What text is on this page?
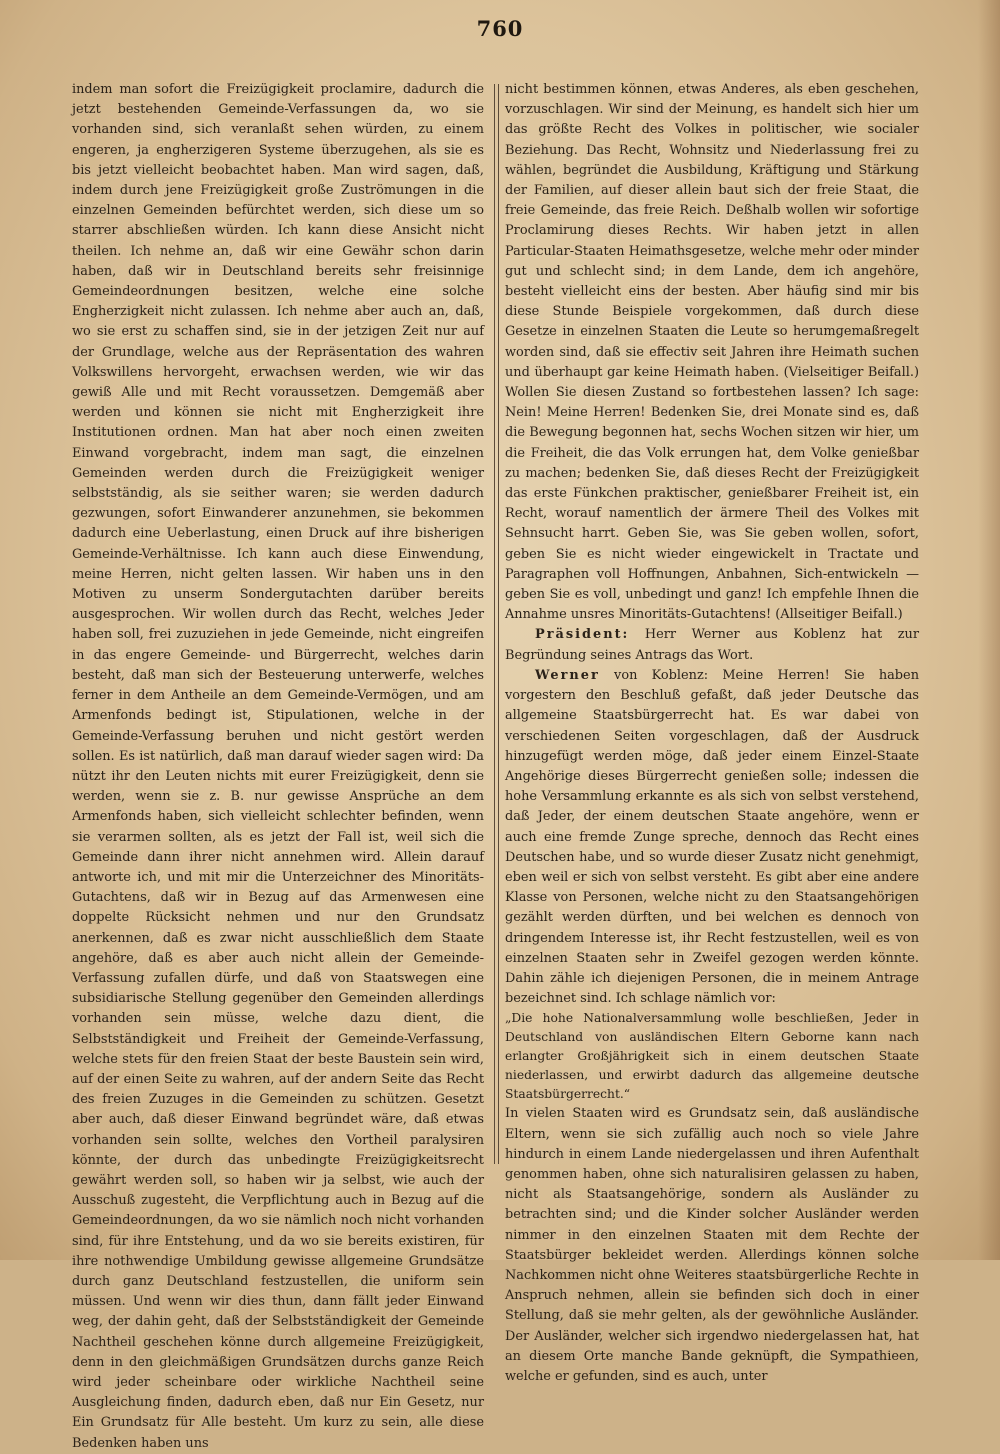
760

indem man sofort die Freizügigkeit proclamire, dadurch die jetzt bestehenden Gemeinde-Verfassungen da, wo sie vorhanden sind, sich veranlaßt sehen würden, zu einem engeren, ja engherzigeren Systeme überzugehen, als sie es bis jetzt vielleicht beobachtet haben. Man wird sagen, daß, indem durch jene Freizügigkeit große Zuströmungen in die einzelnen Gemeinden befürchtet werden, sich diese um so starrer abschließen würden. Ich kann diese Ansicht nicht theilen. Ich nehme an, daß wir eine Gewähr schon darin haben, daß wir in Deutschland bereits sehr freisinnige Gemeindeordnungen besitzen, welche eine solche Engherzigkeit nicht zulassen. Ich nehme aber auch an, daß, wo sie erst zu schaffen sind, sie in der jetzigen Zeit nur auf der Grundlage, welche aus der Repräsentation des wahren Volkswillens hervorgeht, erwachsen werden, wie wir das gewiß Alle und mit Recht voraussetzen. Demgemäß aber werden und können sie nicht mit Engherzigkeit ihre Institutionen ordnen. Man hat aber noch einen zweiten Einwand vorgebracht, indem man sagt, die einzelnen Gemeinden werden durch die Freizügigkeit weniger selbstständig, als sie seither waren; sie werden dadurch gezwungen, sofort Einwanderer anzunehmen, sie bekommen dadurch eine Ueberlastung, einen Druck auf ihre bisherigen Gemeinde-Verhältnisse. Ich kann auch diese Einwendung, meine Herren, nicht gelten lassen. Wir haben uns in den Motiven zu unserm Sondergutachten darüber bereits ausgesprochen. Wir wollen durch das Recht, welches Jeder haben soll, frei zuzuziehen in jede Gemeinde, nicht eingreifen in das engere Gemeinde- und Bürgerrecht, welches darin besteht, daß man sich der Besteuerung unterwerfe, welches ferner in dem Antheile an dem Gemeinde-Vermögen, und am Armenfonds bedingt ist, Stipulationen, welche in der Gemeinde-Verfassung beruhen und nicht gestört werden sollen. Es ist natürlich, daß man darauf wieder sagen wird: Da nützt ihr den Leuten nichts mit eurer Freizügigkeit, denn sie werden, wenn sie z. B. nur gewisse Ansprüche an dem Armenfonds haben, sich vielleicht schlechter befinden, wenn sie verarmen sollten, als es jetzt der Fall ist, weil sich die Gemeinde dann ihrer nicht annehmen wird. Allein darauf antworte ich, und mit mir die Unterzeichner des Minoritäts-Gutachtens, daß wir in Bezug auf das Armenwesen eine doppelte Rücksicht nehmen und nur den Grundsatz anerkennen, daß es zwar nicht ausschließlich dem Staate angehöre, daß es aber auch nicht allein der Gemeinde-Verfassung zufallen dürfe, und daß von Staatswegen eine subsidiarische Stellung gegenüber den Gemeinden allerdings vorhanden sein müsse, welche dazu dient, die Selbstständigkeit und Freiheit der Gemeinde-Verfassung, welche stets für den freien Staat der beste Baustein sein wird, auf der einen Seite zu wahren, auf der andern Seite das Recht des freien Zuzuges in die Gemeinden zu schützen. Gesetzt aber auch, daß dieser Einwand begründet wäre, daß etwas vorhanden sein sollte, welches den Vortheil paralysiren könnte, der durch das unbedingte Freizügigkeitsrecht gewährt werden soll, so haben wir ja selbst, wie auch der Ausschuß zugesteht, die Verpflichtung auch in Bezug auf die Gemeindeordnungen, da wo sie nämlich noch nicht vorhanden sind, für ihre Entstehung, und da wo sie bereits existiren, für ihre nothwendige Umbildung gewisse allgemeine Grundsätze durch ganz Deutschland festzustellen, die uniform sein müssen. Und wenn wir dies thun, dann fällt jeder Einwand weg, der dahin geht, daß der Selbstständigkeit der Gemeinde Nachtheil geschehen könne durch allgemeine Freizügigkeit, denn in den gleichmäßigen Grundsätzen durchs ganze Reich wird jeder scheinbare oder wirkliche Nachtheil seine Ausgleichung finden, dadurch eben, daß nur Ein Gesetz, nur Ein Grundsatz für Alle besteht. Um kurz zu sein, alle diese Bedenken haben uns

nicht bestimmen können, etwas Anderes, als eben geschehen, vorzuschlagen. Wir sind der Meinung, es handelt sich hier um das größte Recht des Volkes in politischer, wie socialer Beziehung. Das Recht, Wohnsitz und Niederlassung frei zu wählen, begründet die Ausbildung, Kräftigung und Stärkung der Familien, auf dieser allein baut sich der freie Staat, die freie Gemeinde, das freie Reich. Deßhalb wollen wir sofortige Proclamirung dieses Rechts. Wir haben jetzt in allen Particular-Staaten Heimathsgesetze, welche mehr oder minder gut und schlecht sind; in dem Lande, dem ich angehöre, besteht vielleicht eins der besten. Aber häufig sind mir bis diese Stunde Beispiele vorgekommen, daß durch diese Gesetze in einzelnen Staaten die Leute so herumgemaßregelt worden sind, daß sie effectiv seit Jahren ihre Heimath suchen und überhaupt gar keine Heimath haben. (Vielseitiger Beifall.) Wollen Sie diesen Zustand so fortbestehen lassen? Ich sage: Nein! Meine Herren! Bedenken Sie, drei Monate sind es, daß die Bewegung begonnen hat, sechs Wochen sitzen wir hier, um die Freiheit, die das Volk errungen hat, dem Volke genießbar zu machen; bedenken Sie, daß dieses Recht der Freizügigkeit das erste Fünkchen praktischer, genießbarer Freiheit ist, ein Recht, worauf namentlich der ärmere Theil des Volkes mit Sehnsucht harrt. Geben Sie, was Sie geben wollen, sofort, geben Sie es nicht wieder eingewickelt in Tractate und Paragraphen voll Hoffnungen, Anbahnen, Sich-entwickeln — geben Sie es voll, unbedingt und ganz! Ich empfehle Ihnen die Annahme unsres Minoritäts-Gutachtens! (Allseitiger Beifall.)

Präsident: Herr Werner aus Koblenz hat zur Begründung seines Antrags das Wort.

Werner von Koblenz: Meine Herren! Sie haben vorgestern den Beschluß gefaßt, daß jeder Deutsche das allgemeine Staatsbürgerrecht hat. Es war dabei von verschiedenen Seiten vorgeschlagen, daß der Ausdruck hinzugefügt werden möge, daß jeder einem Einzel-Staate Angehörige dieses Bürgerrecht genießen solle; indessen die hohe Versammlung erkannte es als sich von selbst verstehend, daß Jeder, der einem deutschen Staate angehöre, wenn er auch eine fremde Zunge spreche, dennoch das Recht eines Deutschen habe, und so wurde dieser Zusatz nicht genehmigt, eben weil er sich von selbst versteht. Es gibt aber eine andere Klasse von Personen, welche nicht zu den Staatsangehörigen gezählt werden dürften, und bei welchen es dennoch von dringendem Interesse ist, ihr Recht festzustellen, weil es von einzelnen Staaten sehr in Zweifel gezogen werden könnte. Dahin zähle ich diejenigen Personen, die in meinem Antrage bezeichnet sind. Ich schlage nämlich vor:

„Die hohe Nationalversammlung wolle beschließen, Jeder in Deutschland von ausländischen Eltern Geborne kann nach erlangter Großjährigkeit sich in einem deutschen Staate niederlassen, und erwirbt dadurch das allgemeine deutsche Staatsbürgerrecht.“

In vielen Staaten wird es Grundsatz sein, daß ausländische Eltern, wenn sie sich zufällig auch noch so viele Jahre hindurch in einem Lande niedergelassen und ihren Aufenthalt genommen haben, ohne sich naturalisiren gelassen zu haben, nicht als Staatsangehörige, sondern als Ausländer zu betrachten sind; und die Kinder solcher Ausländer werden nimmer in den einzelnen Staaten mit dem Rechte der Staatsbürger bekleidet werden. Allerdings können solche Nachkommen nicht ohne Weiteres staatsbürgerliche Rechte in Anspruch nehmen, allein sie befinden sich doch in einer Stellung, daß sie mehr gelten, als der gewöhnliche Ausländer. Der Ausländer, welcher sich irgendwo niedergelassen hat, hat an diesem Orte manche Bande geknüpft, die Sympathieen, welche er gefunden, sind es auch, unter
